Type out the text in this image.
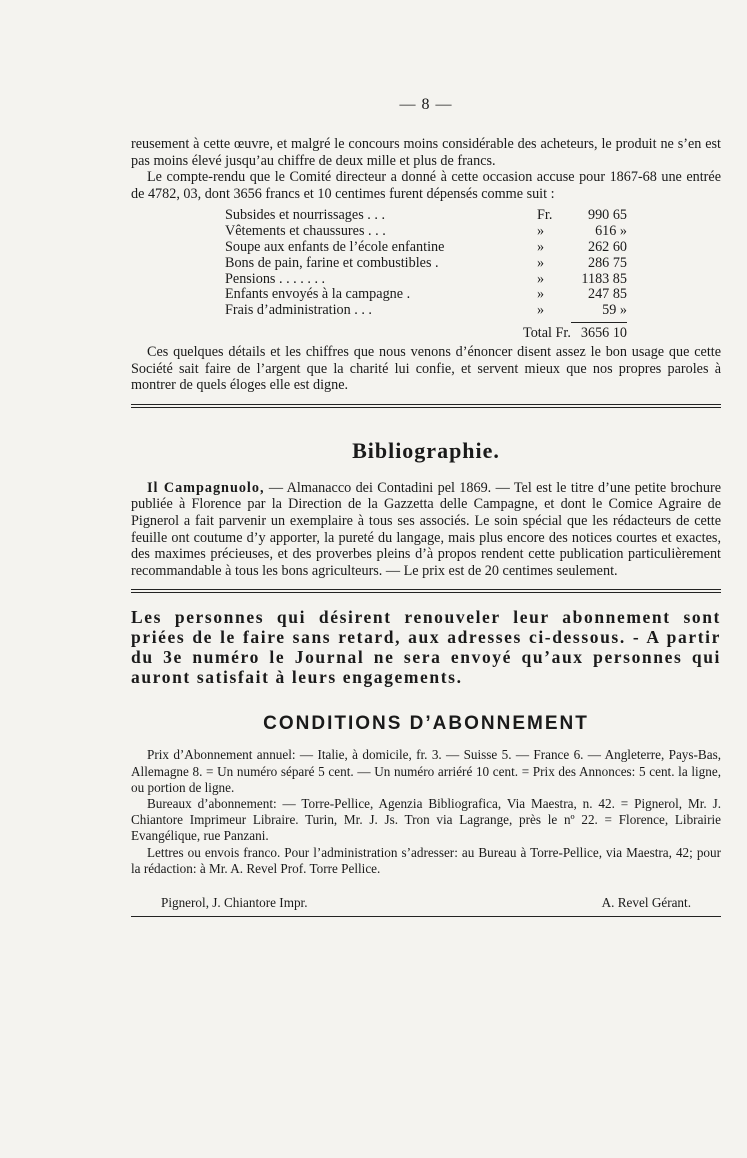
— 8 —

reusement à cette œuvre, et malgré le concours moins considérable des acheteurs, le produit ne s’en est pas moins élevé jusqu’au chiffre de deux mille et plus de francs.

Le compte-rendu que le Comité directeur a donné à cette occasion accuse pour 1867-68 une entrée de 4782, 03, dont 3656 francs et 10 centimes furent dépensés comme suit :

Subsides et nourrissages . . .	Fr.	990 65
Vêtements et chaussures . . .	»	616 »
Soupe aux enfants de l’école enfantine	»	262 60
Bons de pain, farine et combustibles .	»	286 75
Pensions . . . . . . .	»	1183 85
Enfants envoyés à la campagne .	»	247 85
Frais d’administration . . .	»	59 »
Total Fr. 3656 10

Ces quelques détails et les chiffres que nous venons d’énoncer disent assez le bon usage que cette Société sait faire de l’argent que la charité lui confie, et servent mieux que nos propres paroles à montrer de quels éloges elle est digne.

Bibliographie.

Il Campagnuolo, — Almanacco dei Contadini pel 1869. — Tel est le titre d’une petite brochure publiée à Florence par la Direction de la Gazzetta delle Campagne, et dont le Comice Agraire de Pignerol a fait parvenir un exemplaire à tous ses associés. Le soin spécial que les rédacteurs de cette feuille ont coutume d’y apporter, la pureté du langage, mais plus encore des notices courtes et exactes, des maximes précieuses, et des proverbes pleins d’à propos rendent cette publication particulièrement recommandable à tous les bons agriculteurs. — Le prix est de 20 centimes seulement.

Les personnes qui désirent renouveler leur abonnement sont priées de le faire sans retard, aux adresses ci-dessous. - A partir du 3e numéro le Journal ne sera envoyé qu’aux personnes qui auront satisfait à leurs engagements.
CONDITIONS D’ABONNEMENT

Prix d’Abonnement annuel: — Italie, à domicile, fr. 3. — Suisse 5. — France 6. — Angleterre, Pays-Bas, Allemagne 8. = Un numéro séparé 5 cent. — Un numéro arriéré 10 cent. = Prix des Annonces: 5 cent. la ligne, ou portion de ligne.

Bureaux d’abonnement: — Torre-Pellice, Agenzia Bibliografica, Via Maestra, n. 42. = Pignerol, Mr. J. Chiantore Imprimeur Libraire. Turin, Mr. J. Js. Tron via Lagrange, près le nº 22. = Florence, Librairie Evangélique, rue Panzani.

Lettres ou envois franco. Pour l’administration s’adresser: au Bureau à Torre-Pellice, via Maestra, 42; pour la rédaction: à Mr. A. Revel Prof. Torre Pellice.

Pignerol, J. Chiantore Impr.	A. Revel Gérant.
